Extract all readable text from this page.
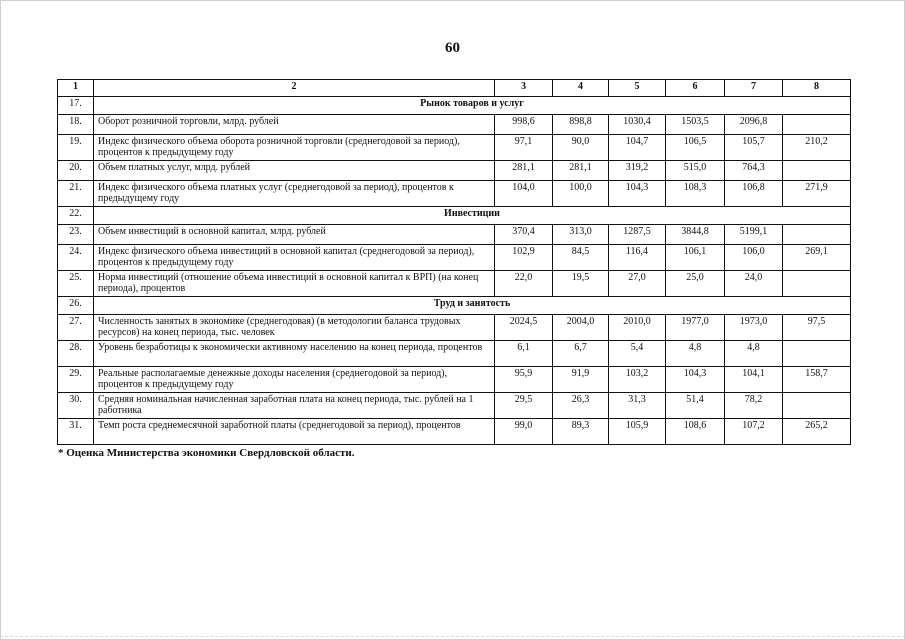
60
1	2	3	4	5	6	7	8
17.	Рынок товаров и услуг						
18.	Оборот розничной торговли, млрд. рублей	998,6	898,8	1030,4	1503,5	2096,8	
19.	Индекс физического объема оборота розничной торговли (среднегодовой за период), процентов к предыдущему году	97,1	90,0	104,7	106,5	105,7	210,2
20.	Объем платных услуг, млрд. рублей	281,1	281,1	319,2	515,0	764,3	
21.	Индекс физического объема платных услуг (среднегодовой за период), процентов к предыдущему году	104,0	100,0	104,3	108,3	106,8	271,9
22.	Инвестиции						
23.	Объем инвестиций в основной капитал, млрд. рублей	370,4	313,0	1287,5	3844,8	5199,1	
24.	Индекс физического объема инвестиций в основной капитал (среднегодовой за период), процентов к предыдущему году	102,9	84,5	116,4	106,1	106,0	269,1
25.	Норма инвестиций (отношение объема инвестиций в основной капитал к ВРП) (на конец периода), процентов	22,0	19,5	27,0	25,0	24,0	
26.	Труд и занятость						
27.	Численность занятых в экономике (среднегодовая) (в методологии баланса трудовых ресурсов) на конец периода, тыс. человек	2024,5	2004,0	2010,0	1977,0	1973,0	97,5
28.	Уровень безработицы к экономически активному населению на конец периода, процентов	6,1	6,7	5,4	4,8	4,8	
29.	Реальные располагаемые денежные доходы населения (среднегодовой за период), процентов к предыдущему году	95,9	91,9	103,2	104,3	104,1	158,7
30.	Средняя номинальная начисленная заработная плата на конец периода, тыс. рублей на 1 работника	29,5	26,3	31,3	51,4	78,2	
31.	Темп роста среднемесячной заработной платы (среднегодовой за период), процентов	99,0	89,3	105,9	108,6	107,2	265,2
* Оценка Министерства экономики Свердловской области.
